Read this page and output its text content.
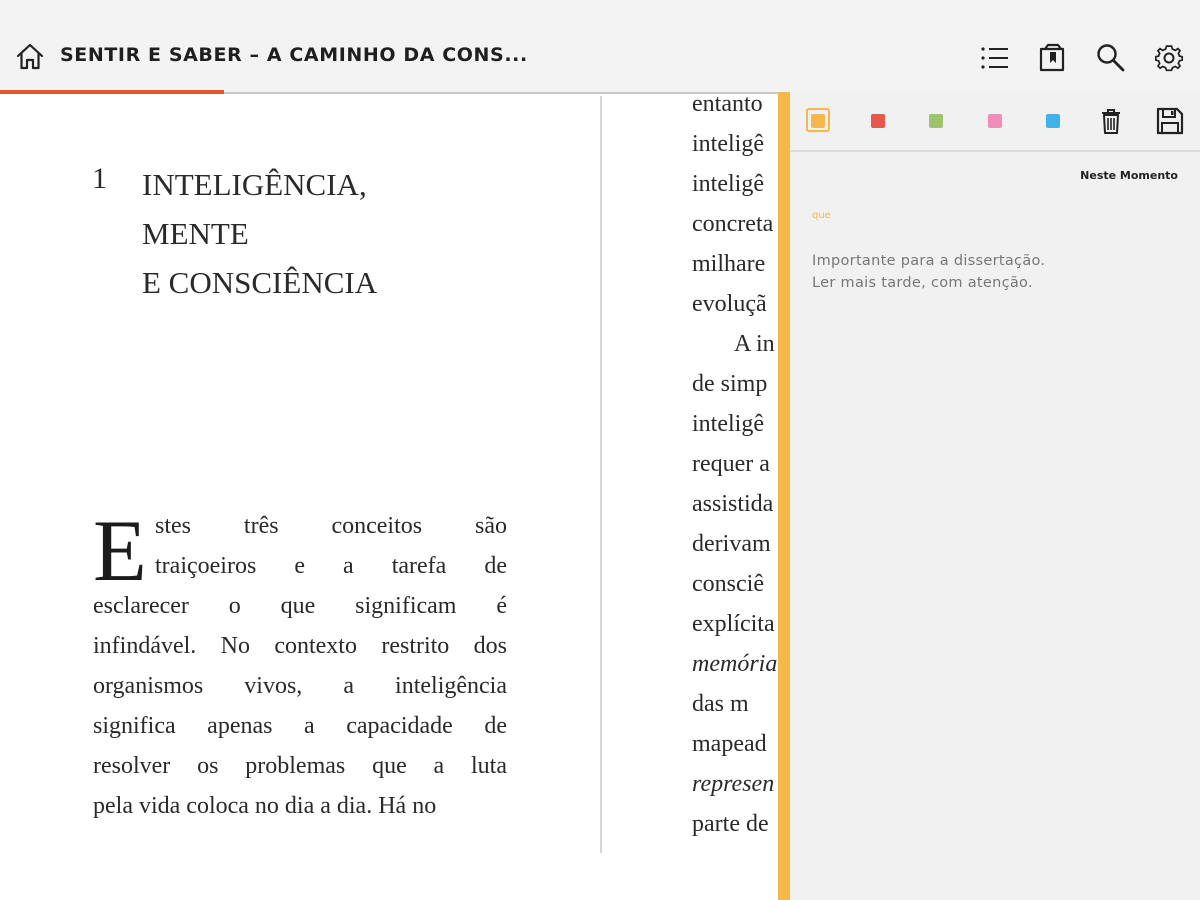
SENTIR E SABER – A CAMINHO DA CONS...
1 INTELIGÊNCIA,
MENTE
E CONSCIÊNCIA
E stes três conceitos são
traiçoeiros e a tarefa de
esclarecer o que significam é
infindável. No contexto restrito dos
organismos vivos, a inteligência
significa apenas a capacidade de
resolver os problemas que a luta
pela vida coloca no dia a dia. Há no
entanto
inteligê
inteligê
concreta
milhare
evoluçã
A in
de simp
inteligê
requer a
assistida
derivam
consciê
explícita
memória
das m
mapead
represen
parte de
Neste Momento
que
Importante para a dissertação.
Ler mais tarde, com atenção.
